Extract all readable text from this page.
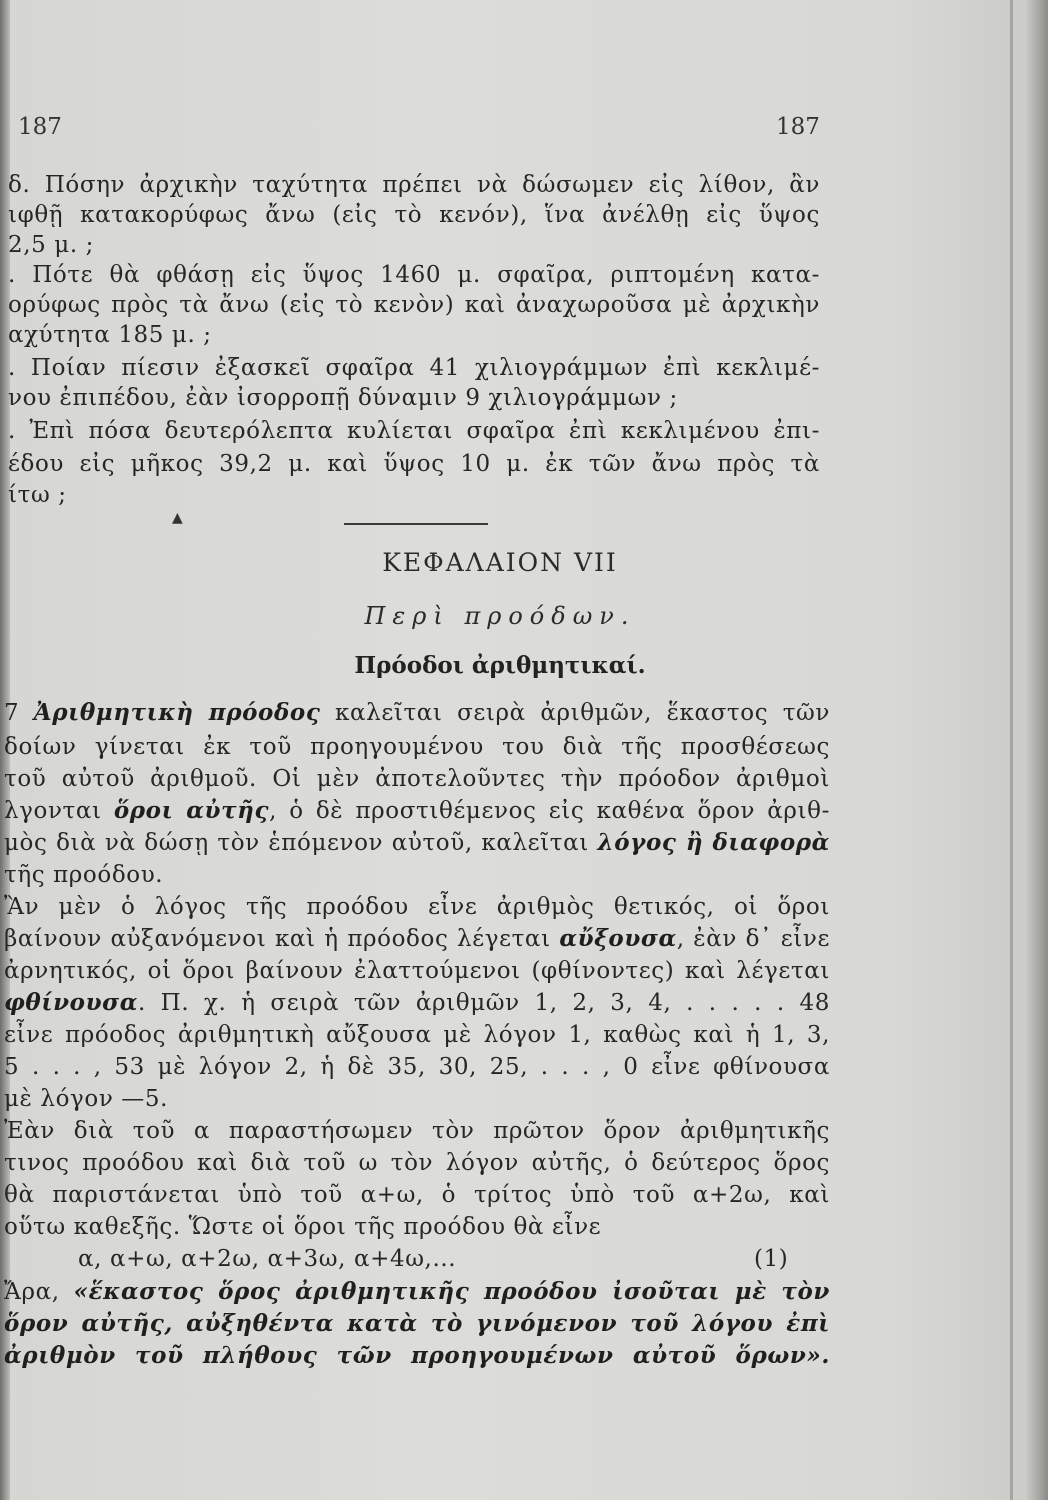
187	187
δ. Πόσην ἀρχικὴν ταχύτητα πρέπει νὰ δώσωμεν εἰς λίθον, ἂν
ιφθῇ κατακορύφως ἄνω (εἰς τὸ κενόν), ἵνα ἀνέλθῃ εἰς ὕψος
2,5 μ. ;
. Πότε θὰ φθάσῃ εἰς ὕψος 1460 μ. σφαῖρα, ριπτομένη κατα-
ορύφως πρὸς τὰ ἄνω (εἰς τὸ κενὸν) καὶ ἀναχωροῦσα μὲ ἀρχικὴν
αχύτητα 185 μ. ;
. Ποίαν πίεσιν ἐξασκεῖ σφαῖρα 41 χιλιογράμμων ἐπὶ κεκλιμέ-
νου ἐπιπέδου, ἐὰν ἰσορροπῇ δύναμιν 9 χιλιογράμμων ;
. Ἐπὶ πόσα δευτερόλεπτα κυλίεται σφαῖρα ἐπὶ κεκλιμένου ἐπι-
έδου εἰς μῆκος 39,2 μ. καὶ ὕψος 10 μ. ἐκ τῶν ἄνω πρὸς τὰ
ίτω ;
▲
ΚΕΦΑΛΑΙΟΝ VII
Περὶ προόδων.
Πρόοδοι ἀριθμητικαί.
7 Ἀριθμητικὴ πρόοδος καλεῖται σειρὰ ἀριθμῶν, ἕκαστος τῶν
δοίων γίνεται ἐκ τοῦ προηγουμένου του διὰ τῆς προσθέσεως
τοῦ αὐτοῦ ἀριθμοῦ. Οἱ μὲν ἀποτελοῦντες τὴν πρόοδον ἀριθμοὶ
λγονται ὅροι αὐτῆς, ὁ δὲ προστιθέμενος εἰς καθένα ὅρον ἀριθ-
μὸς διὰ νὰ δώσῃ τὸν ἑπόμενον αὐτοῦ, καλεῖται λόγος ἢ διαφορὰ
τῆς προόδου.
Ἂν μὲν ὁ λόγος τῆς προόδου εἶνε ἀριθμὸς θετικός, οἱ ὅροι
βαίνουν αὐξανόμενοι καὶ ἡ πρόοδος λέγεται αὔξουσα, ἐὰν δ᾽ εἶνε
ἀρνητικός, οἱ ὅροι βαίνουν ἐλαττούμενοι (φθίνοντες) καὶ λέγεται
φθίνουσα. Π. χ. ἡ σειρὰ τῶν ἀριθμῶν 1, 2, 3, 4, . . . . . 48
εἶνε πρόοδος ἀριθμητικὴ αὔξουσα μὲ λόγον 1, καθὼς καὶ ἡ 1, 3,
5 . . . , 53 μὲ λόγον 2, ἡ δὲ 35, 30, 25, . . . , 0 εἶνε φθίνουσα
μὲ λόγον —5.
Ἐὰν διὰ τοῦ α παραστήσωμεν τὸν πρῶτον ὅρον ἀριθμητικῆς
τινος προόδου καὶ διὰ τοῦ ω τὸν λόγον αὐτῆς, ὁ δεύτερος ὅρος
θὰ παριστάνεται ὑπὸ τοῦ α+ω, ὁ τρίτος ὑπὸ τοῦ α+2ω, καὶ
οὕτω καθεξῆς. Ὥστε οἱ ὅροι τῆς προόδου θὰ εἶνε
α, α+ω, α+2ω, α+3ω, α+4ω,...	(1)
Ἄρα, «ἕκαστος ὅρος ἀριθμητικῆς προόδου ἰσοῦται μὲ τὸν
ὅρον αὐτῆς, αὐξηθέντα κατὰ τὸ γινόμενον τοῦ λόγου ἐπὶ
ἀριθμὸν τοῦ πλήθους τῶν προηγουμένων αὐτοῦ ὅρων».
